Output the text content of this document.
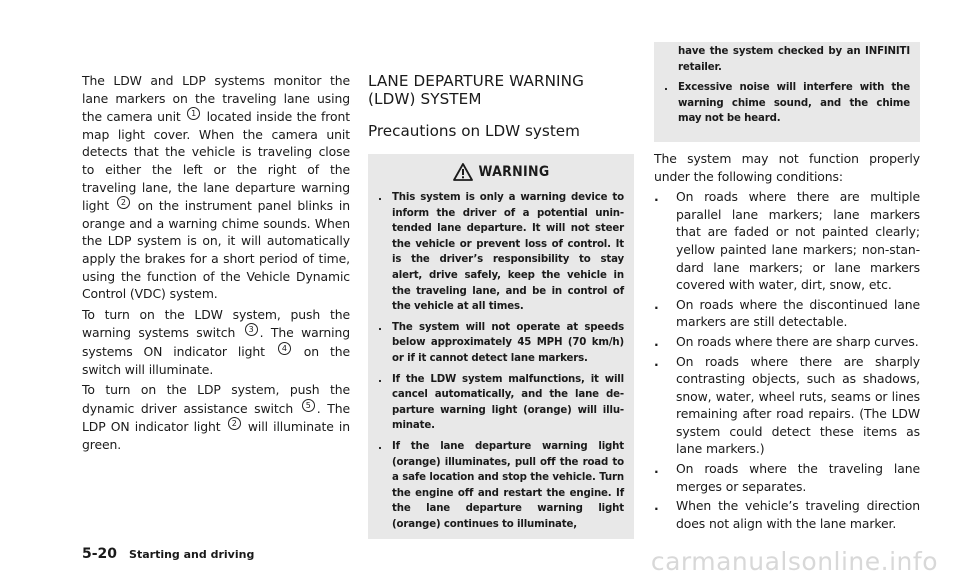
The LDW and LDP systems monitor the lane markers on the traveling lane using the camera unit 1 located inside the front map light cover. When the camera unit detects that the vehicle is traveling close to either the left or the right of the traveling lane, the lane departure warning light 2 on the instrument panel blinks in orange and a warning chime sounds. When the LDP system is on, it will automatically apply the brakes for a short period of time, using the function of the Vehicle Dynamic Control (VDC) system.

To turn on the LDW system, push the warning systems switch 3 . The warning systems ON indicator light 4 on the switch will illuminate.

To turn on the LDP system, push the dynamic driver assistance switch 5 . The LDP ON indicator light 2 will illuminate in green.

LANE DEPARTURE WARNING (LDW) SYSTEM
Precautions on LDW system
WARNING
. This system is only a warning device to inform the driver of a potential unin-tended lane departure. It will not steer the vehicle or prevent loss of control. It is the driver’s responsibility to stay alert, drive safely, keep the vehicle in the traveling lane, and be in control of the vehicle at all times.
. The system will not operate at speeds below approximately 45 MPH (70 km/h) or if it cannot detect lane markers.
. If the LDW system malfunctions, it will cancel automatically, and the lane de-parture warning light (orange) will illu-minate.
. If the lane departure warning light (orange) illuminates, pull off the road to a safe location and stop the vehicle. Turn the engine off and restart the engine. If the lane departure warning light (orange) continues to illuminate,
have the system checked by an INFINITI retailer.
. Excessive noise will interfere with the warning chime sound, and the chime may not be heard.

The system may not function properly under the following conditions:

.	On roads where there are multiple parallel lane markers; lane markers that are faded or not painted clearly; yellow painted lane markers; non-stan-dard lane markers; or lane markers covered with water, dirt, snow, etc.
.	On roads where the discontinued lane markers are still detectable.
.	On roads where there are sharp curves.
.	On roads where there are sharply contrasting objects, such as shadows, snow, water, wheel ruts, seams or lines remaining after road repairs. (The LDW system could detect these items as lane markers.)
.	On roads where the traveling lane merges or separates.
.	When the vehicle’s traveling direction does not align with the lane marker.
5-20 Starting and driving	carmanualsonline.info
